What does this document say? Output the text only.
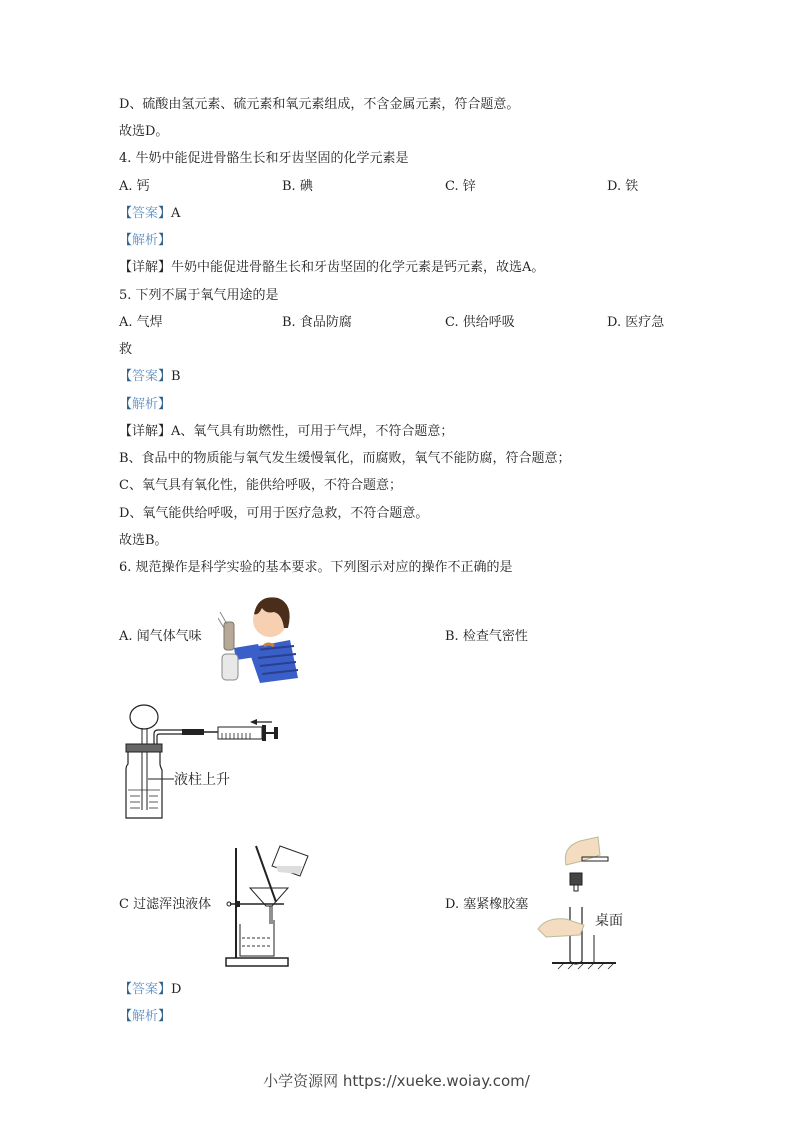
D、硫酸由氢元素、硫元素和氧元素组成，不含金属元素，符合题意。
故选D。
4. 牛奶中能促进骨骼生长和牙齿坚固的化学元素是
A. 钙	B. 碘	C. 锌	D. 铁
【答案】A
【解析】
【详解】牛奶中能促进骨骼生长和牙齿坚固的化学元素是钙元素，故选A。
5. 下列不属于氧气用途的是
A. 气焊	B. 食品防腐	C. 供给呼吸	D. 医疗急
救
【答案】B
【解析】
【详解】A、氧气具有助燃性，可用于气焊，不符合题意；
B、食品中的物质能与氧气发生缓慢氧化，而腐败，氧气不能防腐，符合题意；
C、氧气具有氧化性，能供给呼吸，不符合题意；
D、氧气能供给呼吸，可用于医疗急救，不符合题意。
故选B。
6. 规范操作是科学实验的基本要求。下列图示对应的操作不正确的是
A. 闻气体气味	B. 检查气密性
液柱上升
C 过滤浑浊液体	D. 塞紧橡胶塞
桌面
【答案】D
【解析】
小学资源网 https://xueke.woiay.com/
